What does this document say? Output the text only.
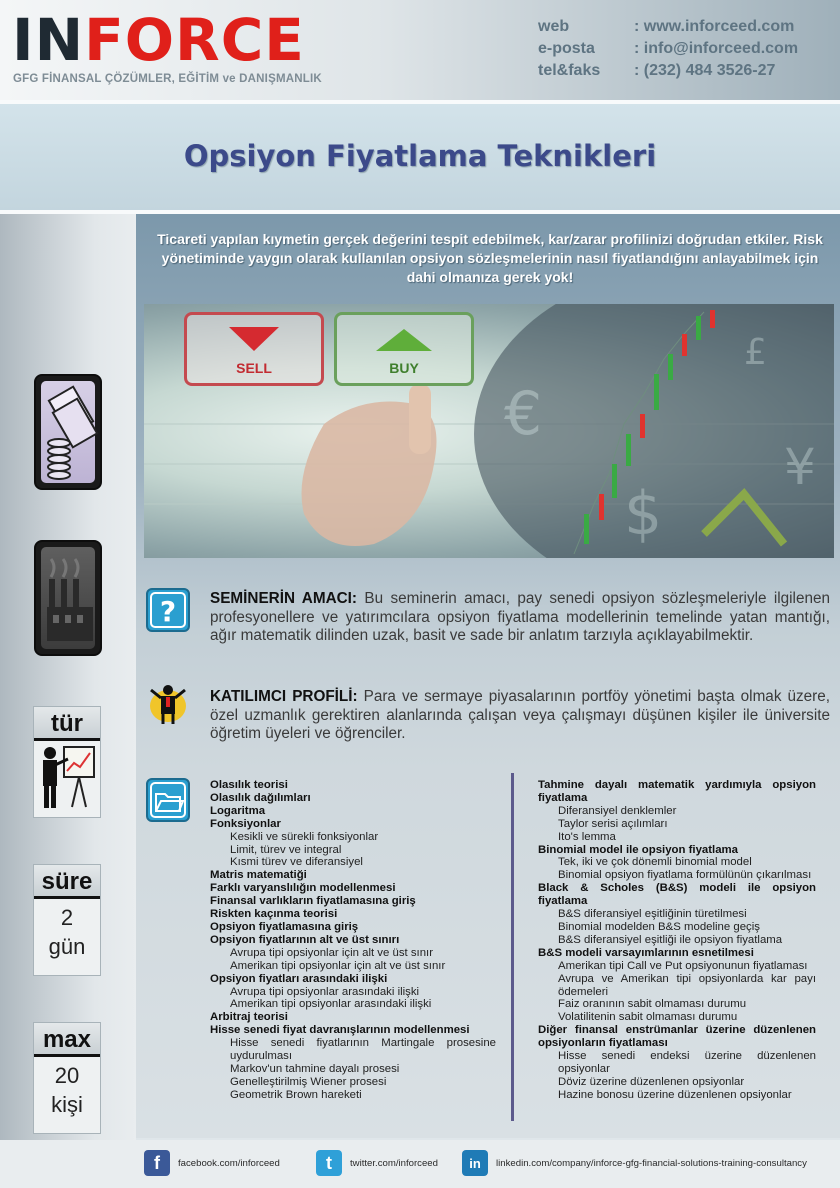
INFORCE
GFG FİNANSAL ÇÖZÜMLER, EĞİTİM ve DANIŞMANLIK
web	: www.inforceed.com
e-posta	: info@inforceed.com
tel&faks	: (232) 484 3526-27
Opsiyon Fiyatlama Teknikleri
tür
süre
2
gün
max
20
kişi
Ticareti yapılan kıymetin gerçek değerini tespit edebilmek, kar/zarar profilinizi doğrudan etkiler. Risk yönetiminde yaygın olarak kullanılan opsiyon sözleşmelerinin nasıl fiyatlandığını anlayabilmek için dahi olmanıza gerek yok!
€
$
¥
£
SELL	BUY
? SEMİNERİN AMACI: Bu seminerin amacı, pay senedi opsiyon sözleşmeleriyle ilgilenen profesyonellere ve yatırımcılara opsiyon fiyatlama modellerinin temelinde yatan mantığı, ağır matematik dilinden uzak, basit ve sade bir anlatım tarzıyla açıklayabilmektir.
KATILIMCI PROFİLİ: Para ve sermaye piyasalarının portföy yönetimi başta olmak üzere, özel uzmanlık gerektiren alanlarında çalışan veya çalışmayı düşünen kişiler ile üniversite öğretim üyeleri ve öğrenciler.
Olasılık teorisi
Olasılık dağılımları
Logaritma
Fonksiyonlar
Kesikli ve sürekli fonksiyonlar
Limit, türev ve integral
Kısmi türev ve diferansiyel
Matris matematiği
Farklı varyanslılığın modellenmesi
Finansal varlıkların fiyatlamasına giriş
Riskten kaçınma teorisi
Opsiyon fiyatlamasına giriş
Opsiyon fiyatlarının alt ve üst sınırı
Avrupa tipi opsiyonlar için alt ve üst sınır
Amerikan tipi opsiyonlar için alt ve üst sınır
Opsiyon fiyatları arasındaki ilişki
Avrupa tipi opsiyonlar arasındaki ilişki
Amerikan tipi opsiyonlar arasındaki ilişki
Arbitraj teorisi
Hisse senedi fiyat davranışlarının modellenmesi
Hisse senedi fiyatlarının Martingale prosesine uydurulması
Markov'un tahmine dayalı prosesi
Genelleştirilmiş Wiener prosesi
Geometrik Brown hareketi
Tahmine dayalı matematik yardımıyla opsiyon fiyatlama
Diferansiyel denklemler
Taylor serisi açılımları
Ito's lemma
Binomial model ile opsiyon fiyatlama
Tek, iki ve çok dönemli binomial model
Binomial opsiyon fiyatlama formülünün çıkarılması
Black & Scholes (B&S) modeli ile opsiyon fiyatlama
B&S diferansiyel eşitliğinin türetilmesi
Binomial modelden B&S modeline geçiş
B&S diferansiyel eşitliği ile opsiyon fiyatlama
B&S modeli varsayımlarının esnetilmesi
Amerikan tipi Call ve Put opsiyonunun fiyatlaması
Avrupa ve Amerikan tipi opsiyonlarda kar payı ödemeleri
Faiz oranının sabit olmaması durumu
Volatilitenin sabit olmaması durumu
Diğer finansal enstrümanlar üzerine düzenlenen opsiyonların fiyatlaması
Hisse senedi endeksi üzerine düzenlenen opsiyonlar
Döviz üzerine düzenlenen opsiyonlar
Hazine bonosu üzerine düzenlenen opsiyonlar
f	facebook.com/inforceed	t	twitter.com/inforceed	in	linkedin.com/company/inforce-gfg-financial-solutions-training-consultancy
